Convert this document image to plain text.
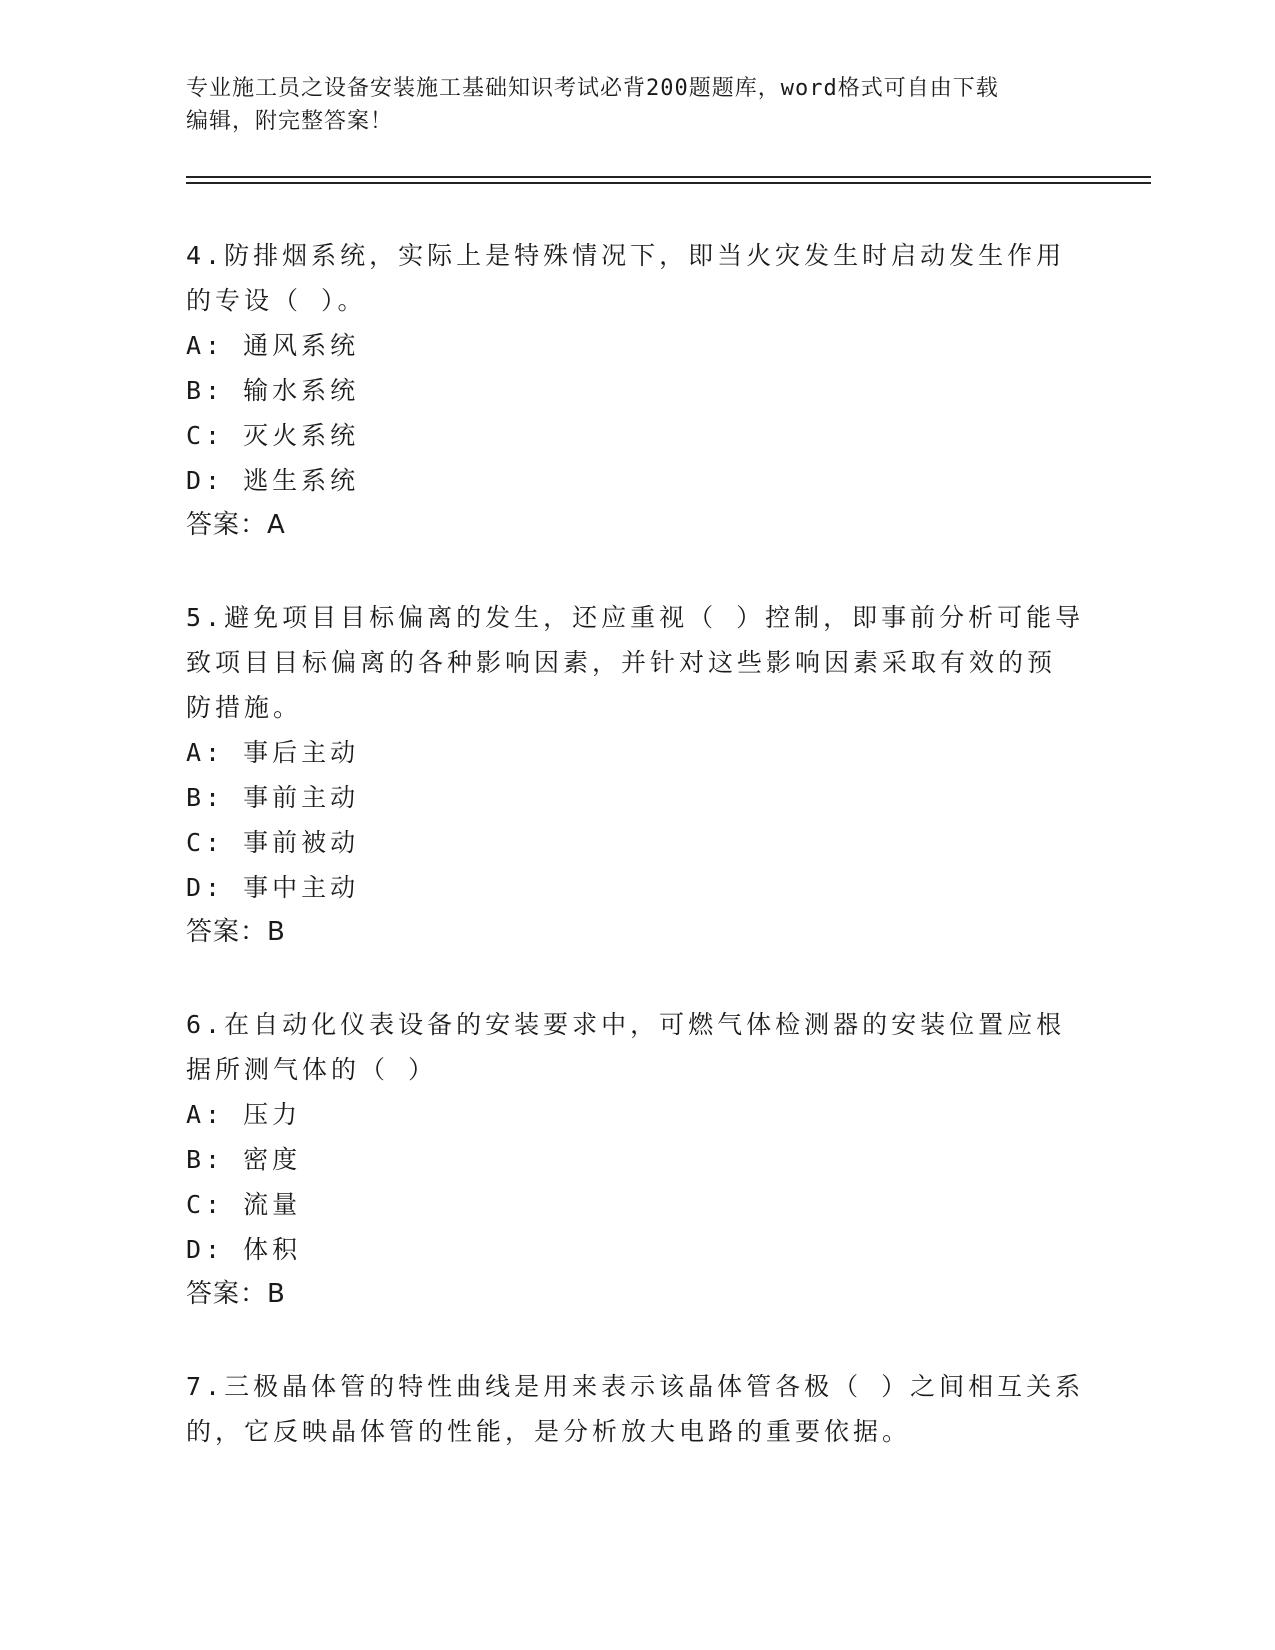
专业施工员之设备安装施工基础知识考试必背200题题库，word格式可自由下载
编辑，附完整答案！
4.防排烟系统，实际上是特殊情况下，即当火灾发生时启动发生作用
的专设（ ）。
A: 通风系统
B: 输水系统
C: 灭火系统
D: 逃生系统
答案：A
5.避免项目目标偏离的发生，还应重视（ ）控制，即事前分析可能导
致项目目标偏离的各种影响因素，并针对这些影响因素采取有效的预
防措施。
A: 事后主动
B: 事前主动
C: 事前被动
D: 事中主动
答案：B
6.在自动化仪表设备的安装要求中，可燃气体检测器的安装位置应根
据所测气体的（ ）
A: 压力
B: 密度
C: 流量
D: 体积
答案：B
7.三极晶体管的特性曲线是用来表示该晶体管各极（ ）之间相互关系
的，它反映晶体管的性能，是分析放大电路的重要依据。
